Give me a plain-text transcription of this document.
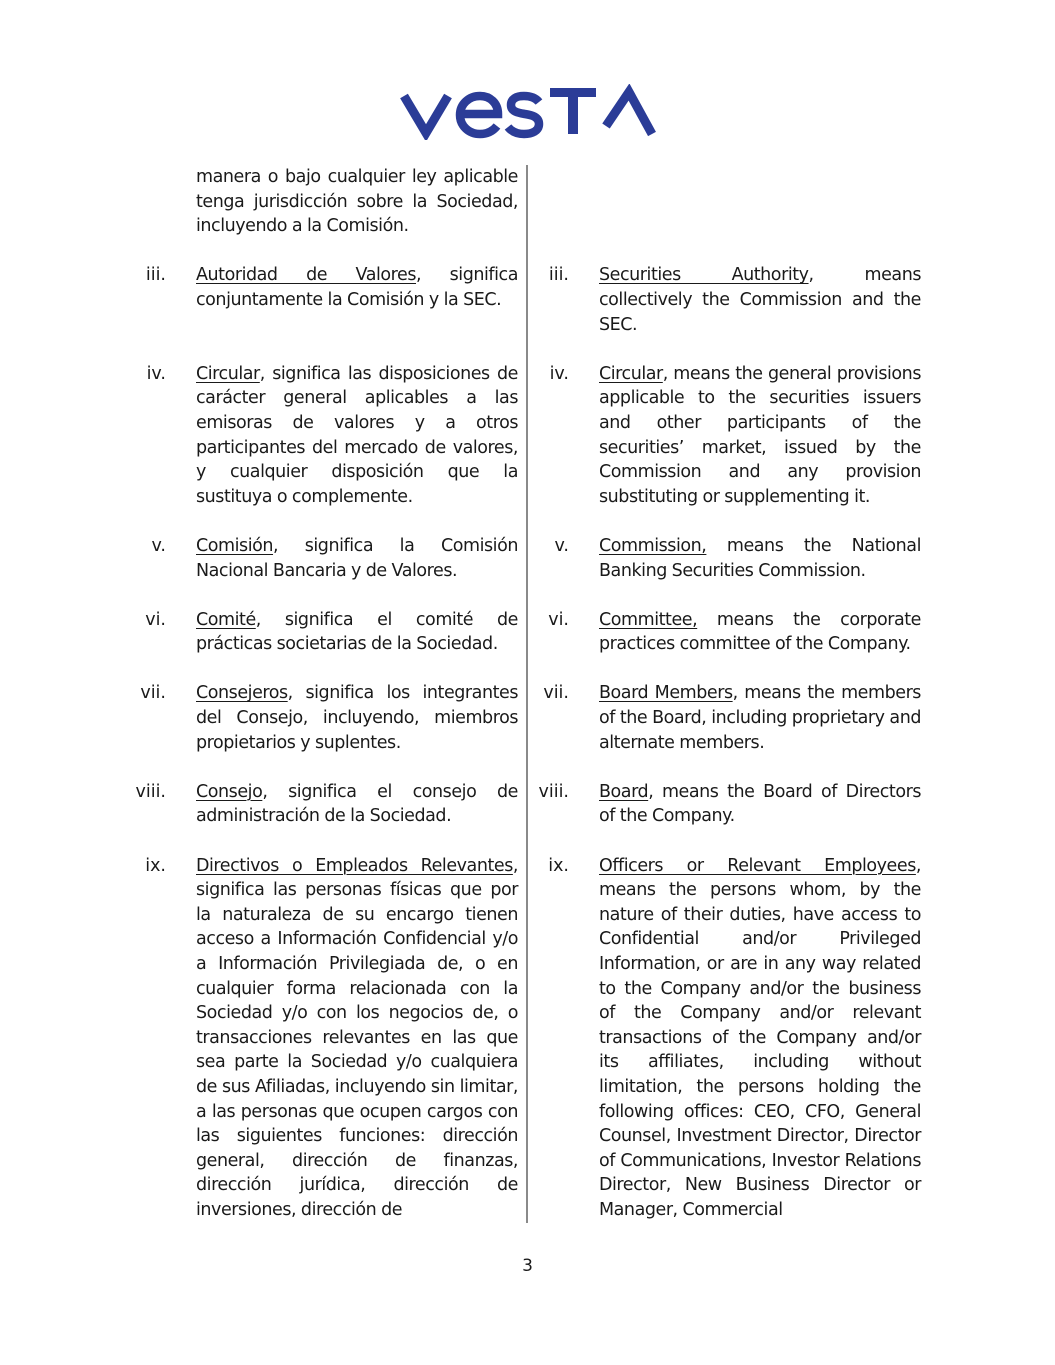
manera o bajo cualquier ley aplicable tenga jurisdicción sobre la Sociedad, incluyendo a la Comisión.
iii. Autoridad de Valores, significa conjuntamente la Comisión y la SEC.
iv. Circular, significa las disposiciones de carácter general aplicables a las emisoras de valores y a otros participantes del mercado de valores, y cualquier disposición que la sustituya o complemente.
v. Comisión, significa la Comisión Nacional Bancaria y de Valores.
vi. Comité, significa el comité de prácticas societarias de la Sociedad.
vii. Consejeros, significa los integrantes del Consejo, incluyendo, miembros propietarios y suplentes.
viii. Consejo, significa el consejo de administración de la Sociedad.
ix. Directivos o Empleados Relevantes, significa las personas físicas que por la naturaleza de su encargo tienen acceso a Información Confidencial y/o a Información Privilegiada de, o en cualquier forma relacionada con la Sociedad y/o con los negocios de, o transacciones relevantes en las que sea parte la Sociedad y/o cualquiera de sus Afiliadas, incluyendo sin limitar, a las personas que ocupen cargos con las siguientes funciones: dirección general, dirección de finanzas, dirección jurídica, dirección de inversiones, dirección de
iii. Securities Authority, means collectively the Commission and the SEC.
iv. Circular, means the general provisions applicable to the securities issuers and other participants of the securities’ market, issued by the Commission and any provision substituting or supplementing it.
v. Commission, means the National Banking Securities Commission.
vi. Committee, means the corporate practices committee of the Company.
vii. Board Members, means the members of the Board, including proprietary and alternate members.
viii. Board, means the Board of Directors of the Company.
ix. Officers or Relevant Employees, means the persons whom, by the nature of their duties, have access to Confidential and/or Privileged Information, or are in any way related to the Company and/or the business of the Company and/or relevant transactions of the Company and/or its affiliates, including without limitation, the persons holding the following offices: CEO, CFO, General Counsel, Investment Director, Director of Communications, Investor Relations Director, New Business Director or Manager, Commercial
3
